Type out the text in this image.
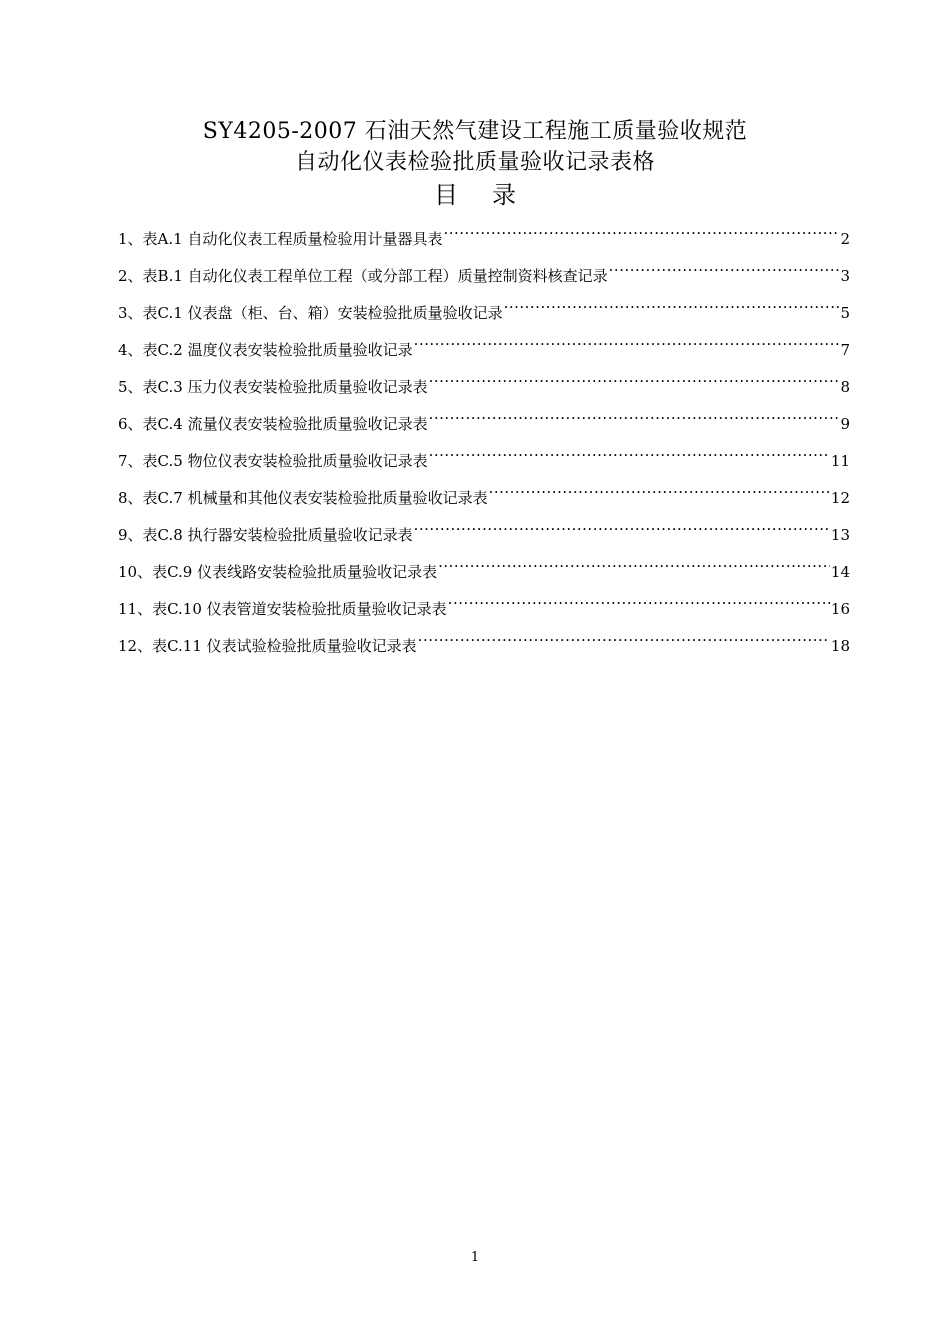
SY4205-2007 石油天然气建设工程施工质量验收规范
自动化仪表检验批质量验收记录表格
目 录
1、 表A.1 自动化仪表工程质量检验用计量器具表 ·····	2
2、 表B.1 自动化仪表工程单位工程（或分部工程）质量控制资料核查记录 ·····	3
3、 表C.1 仪表盘（柜、台、箱）安装检验批质量验收记录 ·····	5
4、 表C.2 温度仪表安装检验批质量验收记录 ·····	7
5、 表C.3 压力仪表安装检验批质量验收记录表 ·····	8
6、 表C.4 流量仪表安装检验批质量验收记录表 ·····	9
7、 表C.5 物位仪表安装检验批质量验收记录表 ·····	11
8、 表C.7 机械量和其他仪表安装检验批质量验收记录表 ·····	12
9、 表C.8 执行器安装检验批质量验收记录表 ·····	13
10、 表C.9 仪表线路安装检验批质量验收记录表 ·····	14
11、 表C.10 仪表管道安装检验批质量验收记录表 ·····	16
12、 表C.11 仪表试验检验批质量验收记录表 ·····	18
1
